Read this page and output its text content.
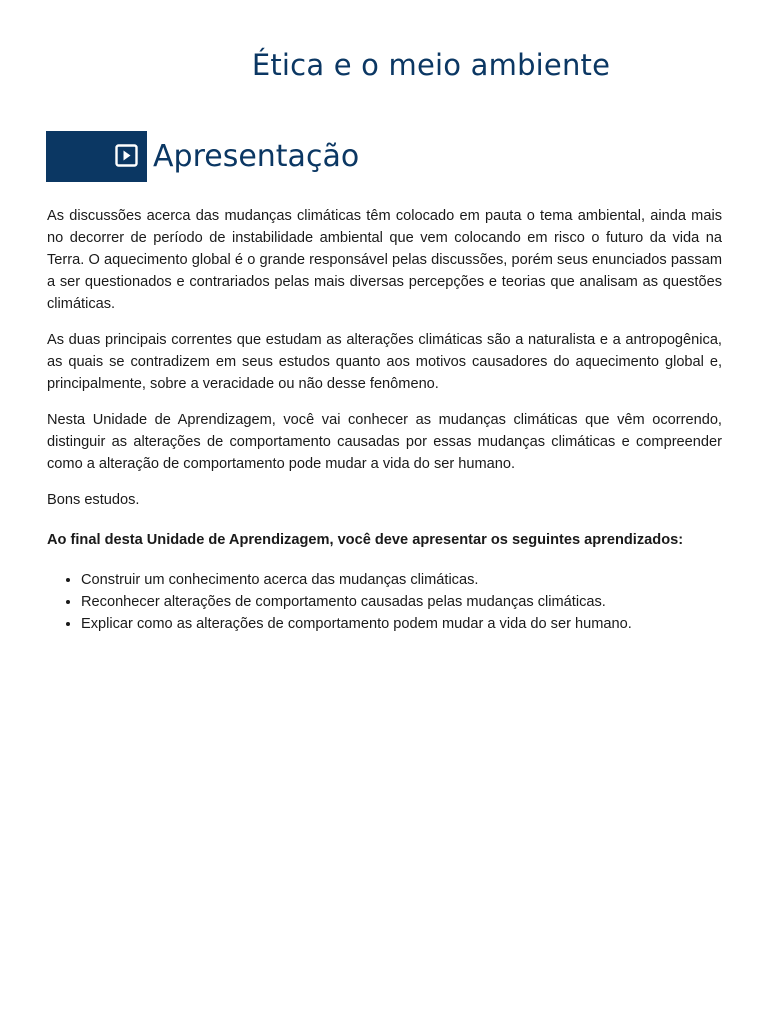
Ética e o meio ambiente
Apresentação

As discussões acerca das mudanças climáticas têm colocado em pauta o tema ambiental, ainda mais no decorrer de período de instabilidade ambiental que vem colocando em risco o futuro da vida na Terra. O aquecimento global é o grande responsável pelas discussões, porém seus enunciados passam a ser questionados e contrariados pelas mais diversas percepções e teorias que analisam as questões climáticas.

As duas principais correntes que estudam as alterações climáticas são a naturalista e a antropogênica, as quais se contradizem em seus estudos quanto aos motivos causadores do aquecimento global e, principalmente, sobre a veracidade ou não desse fenômeno.

Nesta Unidade de Aprendizagem, você vai conhecer as mudanças climáticas que vêm ocorrendo, distinguir as alterações de comportamento causadas por essas mudanças climáticas e compreender como a alteração de comportamento pode mudar a vida do ser humano.

Bons estudos.

Ao final desta Unidade de Aprendizagem, você deve apresentar os seguintes aprendizados:

• Construir um conhecimento acerca das mudanças climáticas.
• Reconhecer alterações de comportamento causadas pelas mudanças climáticas.
• Explicar como as alterações de comportamento podem mudar a vida do ser humano.
